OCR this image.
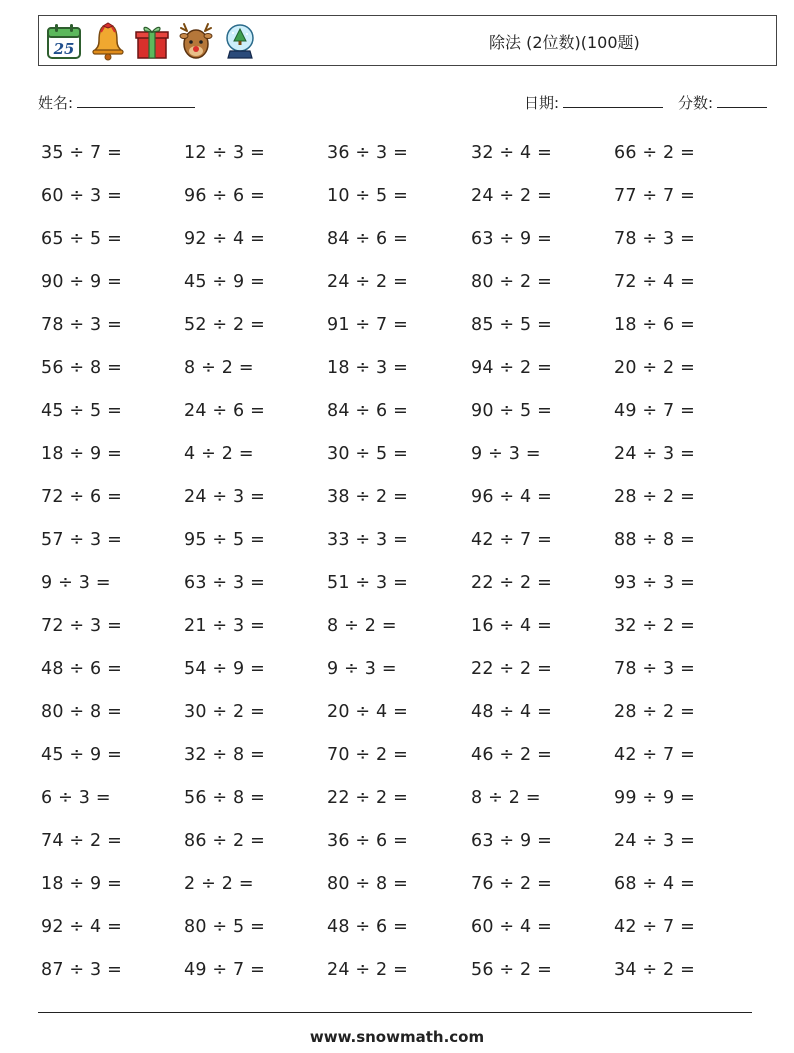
25	除法 (2位数)(100题)
姓名:	日期:	分数:
35 ÷ 7 =	12 ÷ 3 =	36 ÷ 3 =	32 ÷ 4 =	66 ÷ 2 =
60 ÷ 3 =	96 ÷ 6 =	10 ÷ 5 =	24 ÷ 2 =	77 ÷ 7 =
65 ÷ 5 =	92 ÷ 4 =	84 ÷ 6 =	63 ÷ 9 =	78 ÷ 3 =
90 ÷ 9 =	45 ÷ 9 =	24 ÷ 2 =	80 ÷ 2 =	72 ÷ 4 =
78 ÷ 3 =	52 ÷ 2 =	91 ÷ 7 =	85 ÷ 5 =	18 ÷ 6 =
56 ÷ 8 =	8 ÷ 2 =	18 ÷ 3 =	94 ÷ 2 =	20 ÷ 2 =
45 ÷ 5 =	24 ÷ 6 =	84 ÷ 6 =	90 ÷ 5 =	49 ÷ 7 =
18 ÷ 9 =	4 ÷ 2 =	30 ÷ 5 =	9 ÷ 3 =	24 ÷ 3 =
72 ÷ 6 =	24 ÷ 3 =	38 ÷ 2 =	96 ÷ 4 =	28 ÷ 2 =
57 ÷ 3 =	95 ÷ 5 =	33 ÷ 3 =	42 ÷ 7 =	88 ÷ 8 =
9 ÷ 3 =	63 ÷ 3 =	51 ÷ 3 =	22 ÷ 2 =	93 ÷ 3 =
72 ÷ 3 =	21 ÷ 3 =	8 ÷ 2 =	16 ÷ 4 =	32 ÷ 2 =
48 ÷ 6 =	54 ÷ 9 =	9 ÷ 3 =	22 ÷ 2 =	78 ÷ 3 =
80 ÷ 8 =	30 ÷ 2 =	20 ÷ 4 =	48 ÷ 4 =	28 ÷ 2 =
45 ÷ 9 =	32 ÷ 8 =	70 ÷ 2 =	46 ÷ 2 =	42 ÷ 7 =
6 ÷ 3 =	56 ÷ 8 =	22 ÷ 2 =	8 ÷ 2 =	99 ÷ 9 =
74 ÷ 2 =	86 ÷ 2 =	36 ÷ 6 =	63 ÷ 9 =	24 ÷ 3 =
18 ÷ 9 =	2 ÷ 2 =	80 ÷ 8 =	76 ÷ 2 =	68 ÷ 4 =
92 ÷ 4 =	80 ÷ 5 =	48 ÷ 6 =	60 ÷ 4 =	42 ÷ 7 =
87 ÷ 3 =	49 ÷ 7 =	24 ÷ 2 =	56 ÷ 2 =	34 ÷ 2 =
www.snowmath.com
